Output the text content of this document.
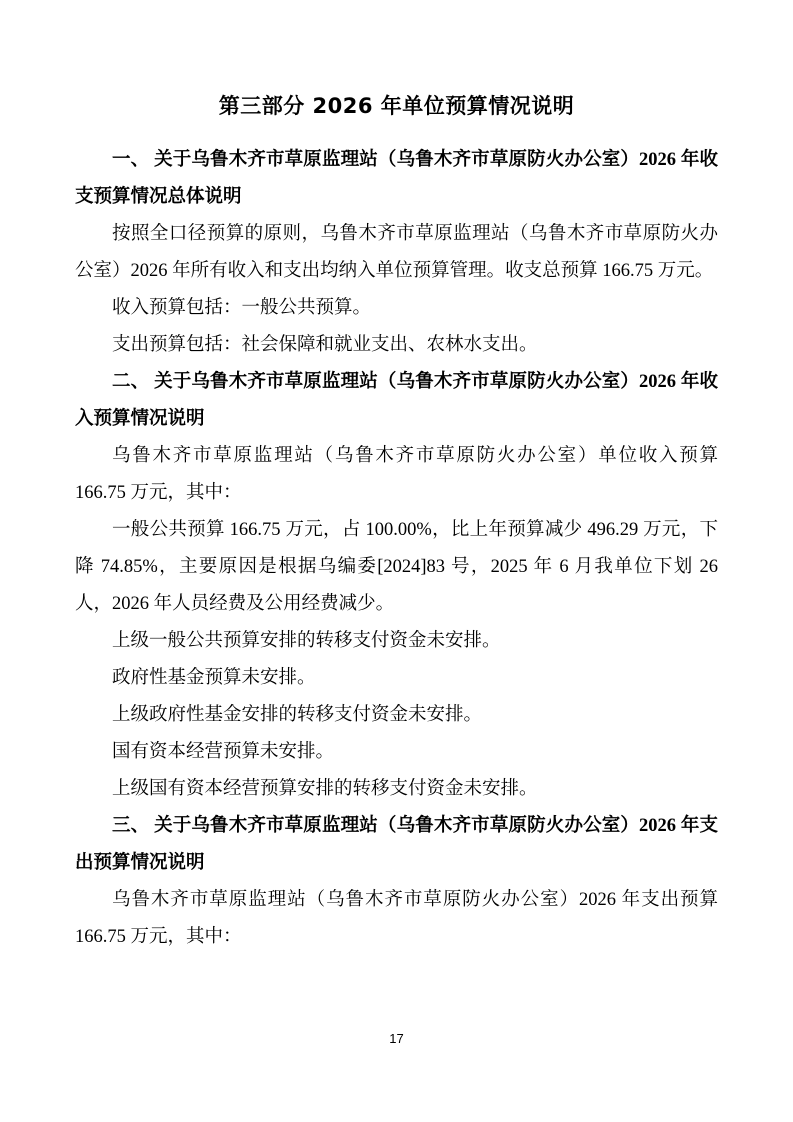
第三部分 2026 年单位预算情况说明
一、 关于乌鲁木齐市草原监理站（乌鲁木齐市草原防火办公室）2026 年收支预算情况总体说明

按照全口径预算的原则，乌鲁木齐市草原监理站（乌鲁木齐市草原防火办公室）2026 年所有收入和支出均纳入单位预算管理。收支总预算 166.75 万元。

收入预算包括：一般公共预算。

支出预算包括：社会保障和就业支出、农林水支出。

二、 关于乌鲁木齐市草原监理站（乌鲁木齐市草原防火办公室）2026 年收入预算情况说明

乌鲁木齐市草原监理站（乌鲁木齐市草原防火办公室）单位收入预算 166.75 万元，其中：

一般公共预算 166.75 万元，占 100.00%，比上年预算减少 496.29 万元，下降 74.85%，主要原因是根据乌编委[2024]83 号，2025 年 6 月我单位下划 26 人，2026 年人员经费及公用经费减少。

上级一般公共预算安排的转移支付资金未安排。

政府性基金预算未安排。

上级政府性基金安排的转移支付资金未安排。

国有资本经营预算未安排。

上级国有资本经营预算安排的转移支付资金未安排。

三、 关于乌鲁木齐市草原监理站（乌鲁木齐市草原防火办公室）2026 年支出预算情况说明

乌鲁木齐市草原监理站（乌鲁木齐市草原防火办公室）2026 年支出预算 166.75 万元，其中：

17
